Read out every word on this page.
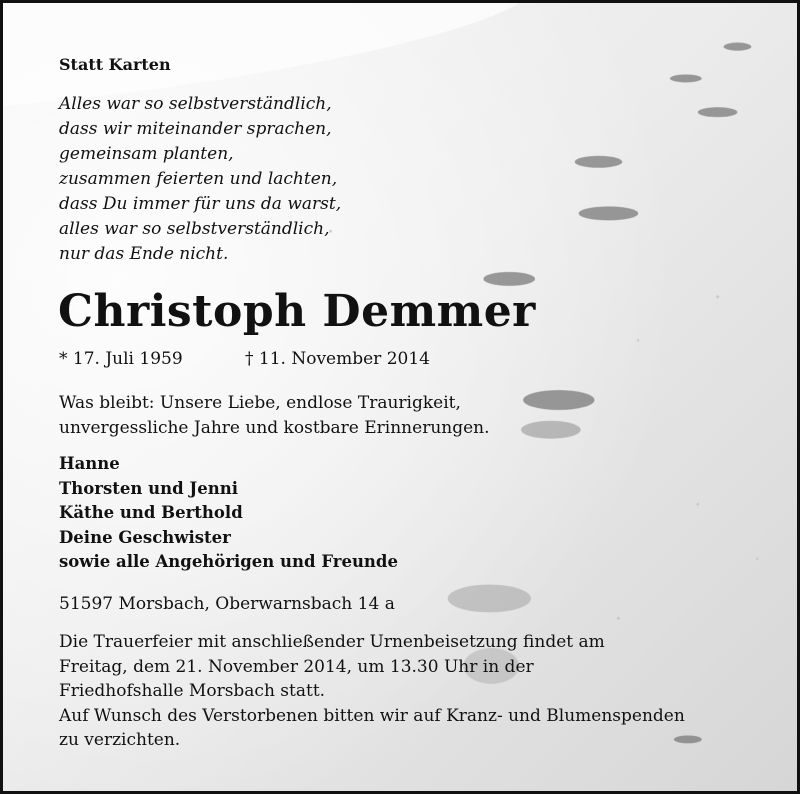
Statt Karten
Alles war so selbstverständlich,
dass wir miteinander sprachen,
gemeinsam planten,
zusammen feierten und lachten,
dass Du immer für uns da warst,
alles war so selbstverständlich,
nur das Ende nicht.
Christoph Demmer
* 17. Juli 1959	† 11. November 2014
Was bleibt: Unsere Liebe, endlose Traurigkeit,
unvergessliche Jahre und kostbare Erinnerungen.
Hanne
Thorsten und Jenni
Käthe und Berthold
Deine Geschwister
sowie alle Angehörigen und Freunde
51597 Morsbach, Oberwarnsbach 14 a
Die Trauerfeier mit anschließender Urnenbeisetzung findet am
Freitag, dem 21. November 2014, um 13.30 Uhr in der
Friedhofshalle Morsbach statt.
Auf Wunsch des Verstorbenen bitten wir auf Kranz- und Blumenspenden
zu verzichten.
